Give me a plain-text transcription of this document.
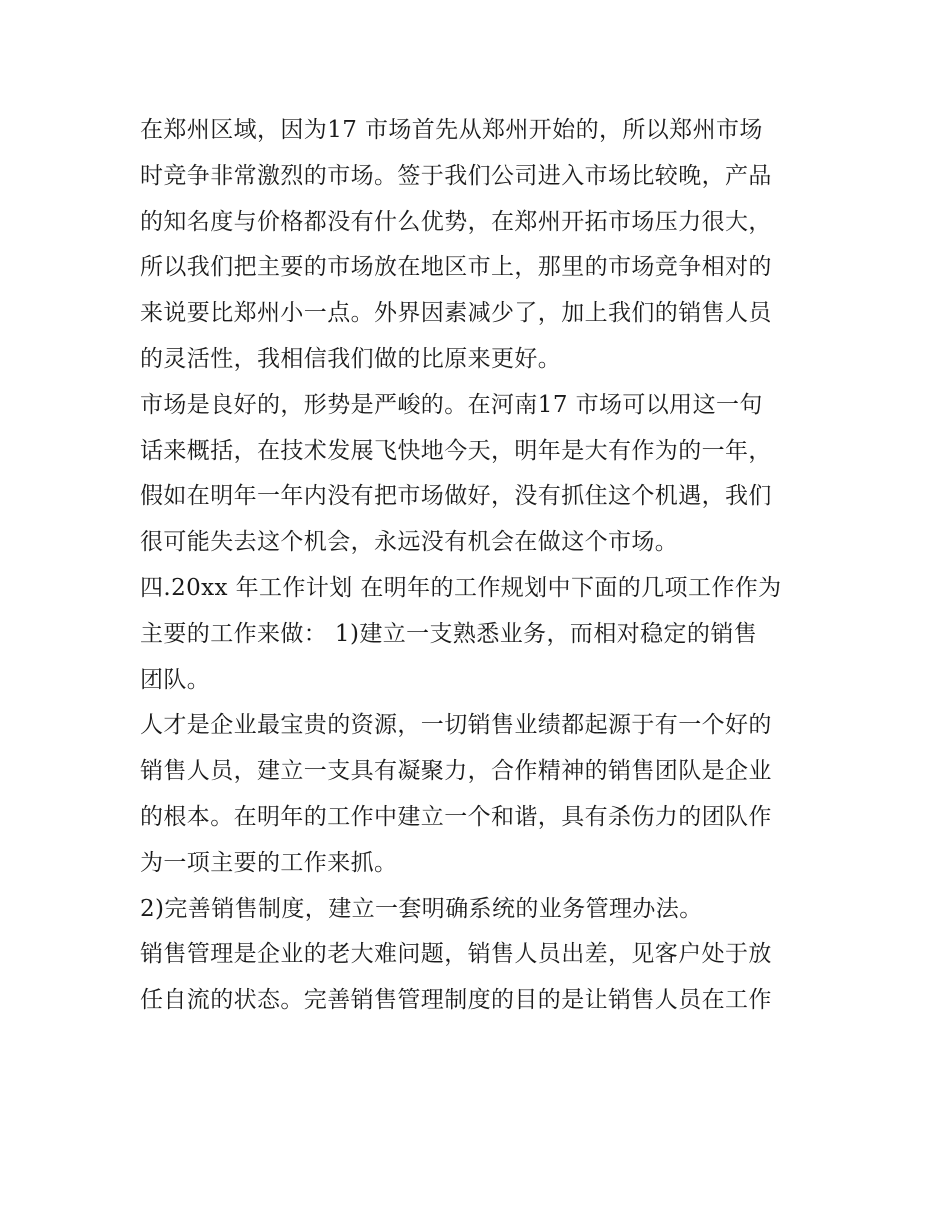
在郑州区域，因为17 市场首先从郑州开始的，所以郑州市场
时竞争非常激烈的市场。签于我们公司进入市场比较晚，产品
的知名度与价格都没有什么优势，在郑州开拓市场压力很大，
所以我们把主要的市场放在地区市上，那里的市场竞争相对的
来说要比郑州小一点。外界因素减少了，加上我们的销售人员
的灵活性，我相信我们做的比原来更好。
市场是良好的，形势是严峻的。在河南17 市场可以用这一句
话来概括，在技术发展飞快地今天，明年是大有作为的一年，
假如在明年一年内没有把市场做好，没有抓住这个机遇，我们
很可能失去这个机会，永远没有机会在做这个市场。
四.20xx 年工作计划 在明年的工作规划中下面的几项工作作为
主要的工作来做： 1)建立一支熟悉业务，而相对稳定的销售
团队。
人才是企业最宝贵的资源，一切销售业绩都起源于有一个好的
销售人员，建立一支具有凝聚力，合作精神的销售团队是企业
的根本。在明年的工作中建立一个和谐，具有杀伤力的团队作
为一项主要的工作来抓。
2)完善销售制度，建立一套明确系统的业务管理办法。
销售管理是企业的老大难问题，销售人员出差，见客户处于放
任自流的状态。完善销售管理制度的目的是让销售人员在工作
